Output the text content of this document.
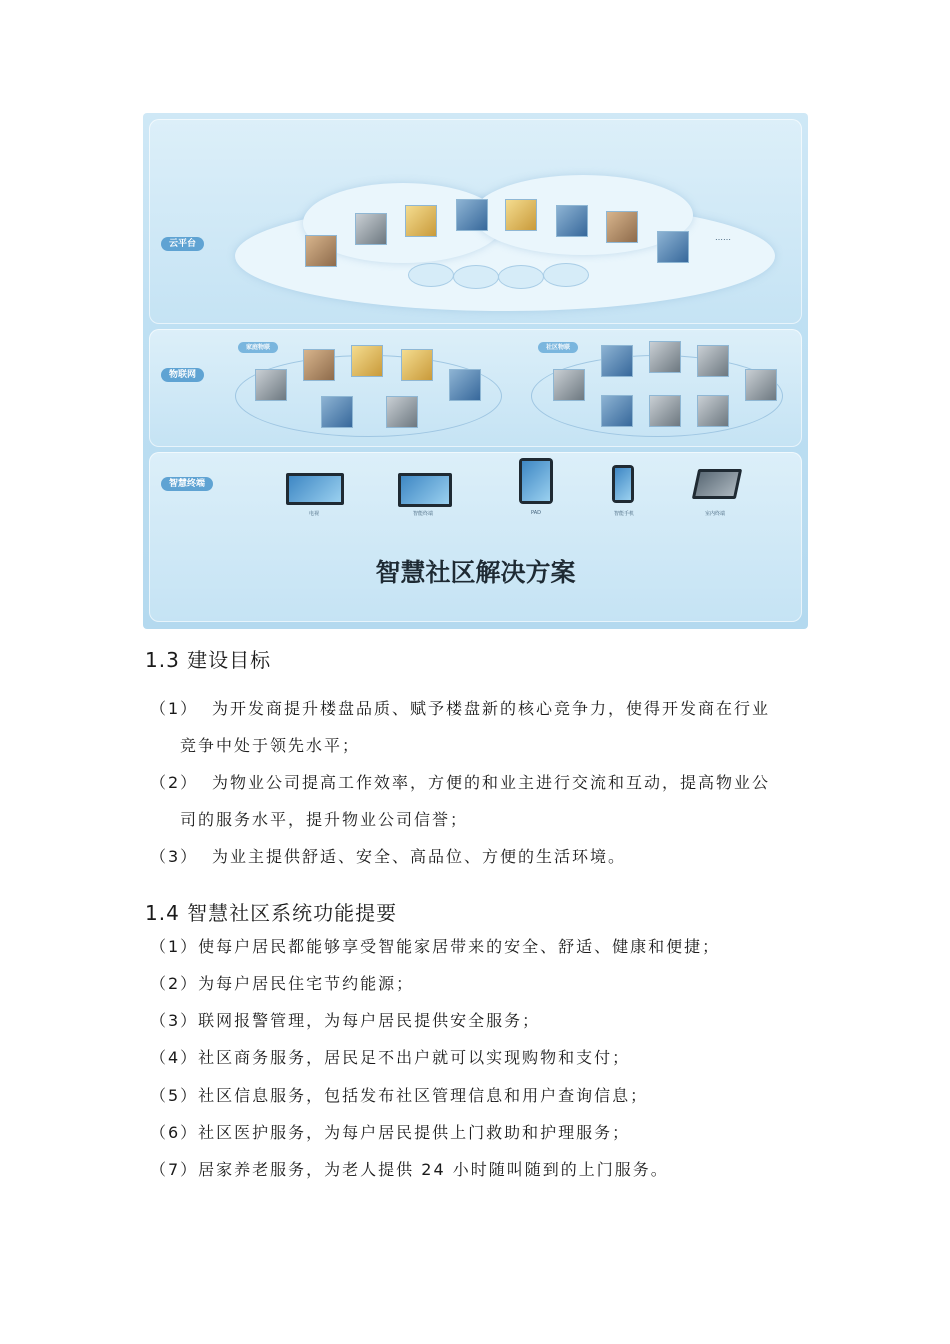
云平台
物联网
智慧终端
……
家庭物联	社区物联
电视	智能终端	PAD	智能手机	室内终端
智慧社区解决方案
1.3 建设目标
（1） 为开发商提升楼盘品质、赋予楼盘新的核心竞争力，使得开发商在行业
竞争中处于领先水平；
（2） 为物业公司提高工作效率，方便的和业主进行交流和互动，提高物业公
司的服务水平，提升物业公司信誉；
（3） 为业主提供舒适、安全、高品位、方便的生活环境。
1.4 智慧社区系统功能提要
（1）使每户居民都能够享受智能家居带来的安全、舒适、健康和便捷；
（2）为每户居民住宅节约能源；
（3）联网报警管理，为每户居民提供安全服务；
（4）社区商务服务，居民足不出户就可以实现购物和支付；
（5）社区信息服务，包括发布社区管理信息和用户查询信息；
（6）社区医护服务，为每户居民提供上门救助和护理服务；
（7）居家养老服务，为老人提供 24 小时随叫随到的上门服务。
